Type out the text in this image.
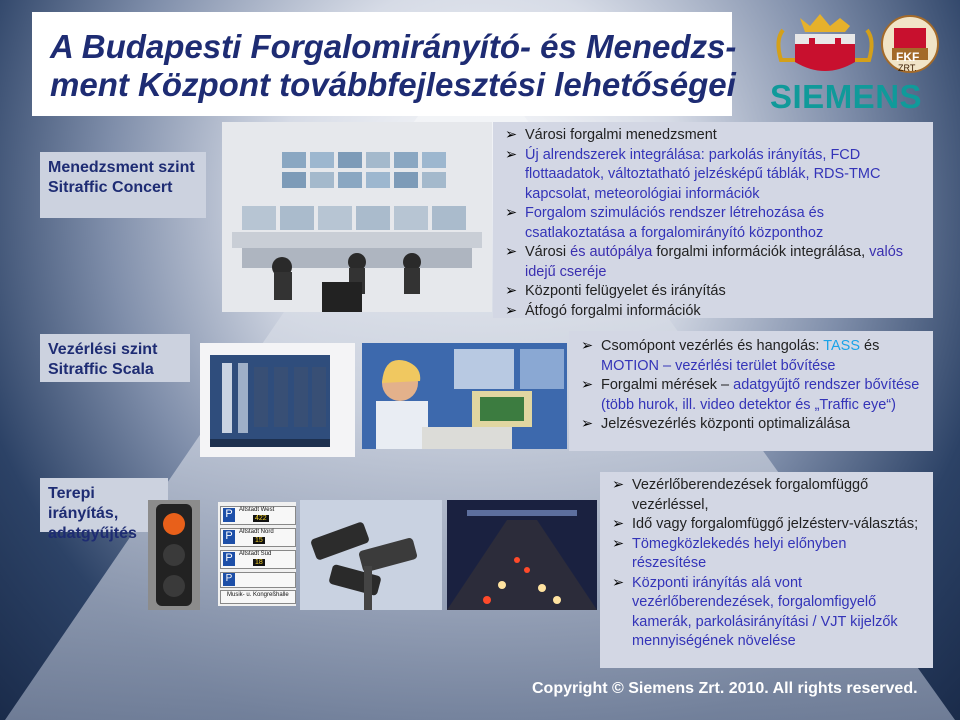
A Budapesti Forgalomirányító- és Menedzs-
ment Központ továbbfejlesztési lehetőségei
FKF
ZRT.
SIEMENS
Menedzsment szint
Sitraffic Concert
Vezérlési szint
Sitraffic Scala
Terepi irányítás,
adatgyűjtés
P	Altstadt West
422
P	Altstadt Nord
15
P	Altstadt Süd
18
P
Musik- u. Kongreßhalle
➢ Városi forgalmi menedzsment
➢ Új alrendszerek integrálása: parkolás irányítás, FCD flottaadatok, változtatható jelzésképű táblák, RDS-TMC kapcsolat, meteorológiai információk
➢ Forgalom szimulációs rendszer létrehozása és csatlakoztatása a forgalomirányító központhoz
➢ Városi és autópálya forgalmi információk integrálása, valós idejű cseréje
➢ Központi felügyelet és irányítás
➢ Átfogó forgalmi információk
➢ Csomópont vezérlés és hangolás: TASS és
MOTION – vezérlési terület bővítése
➢ Forgalmi mérések – adatgyűjtő rendszer bővítése (több hurok, ill. video detektor és „Traffic eye“)
➢ Jelzésvezérlés központi optimalizálása
➢ Vezérlőberendezések forgalomfüggő vezérléssel,
➢ Idő vagy forgalomfüggő jelzésterv-választás;
➢ Tömegközlekedés helyi előnyben részesítése
➢ Központi irányítás alá vont vezérlőberendezések, forgalomfigyelő kamerák, parkolásirányítási / VJT kijelzők mennyiségének növelése
Copyright © Siemens Zrt. 2010. All rights reserved.
